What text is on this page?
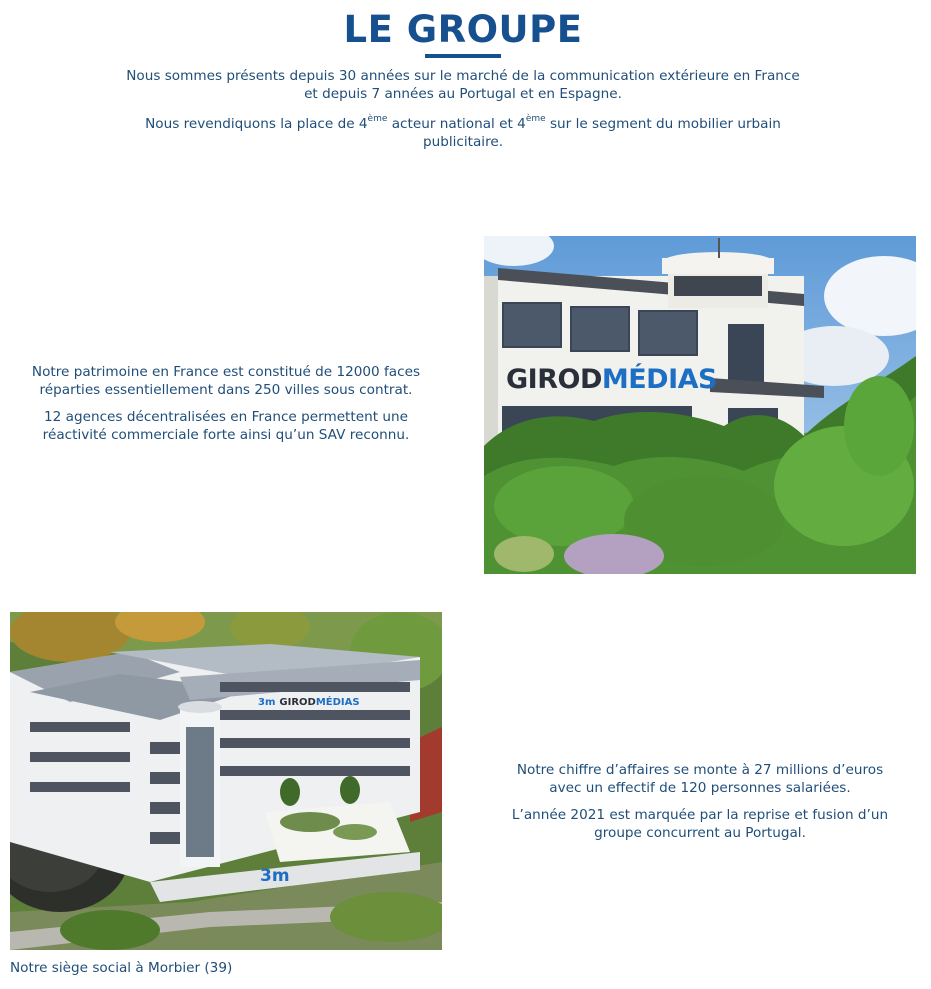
LE GROUPE

Nous sommes présents depuis 30 années sur le marché de la communication extérieure en France
et depuis 7 années au Portugal et en Espagne.

Nous revendiquons la place de 4ème acteur national et 4ème sur le segment du mobilier urbain
publicitaire.

Notre patrimoine en France est constitué de 12000 faces
réparties essentiellement dans 250 villes sous contrat.

12 agences décentralisées en France permettent une
réactivité commerciale forte ainsi qu’un SAV reconnu.

GIRODMÉDIAS
3m GIRODMÉDIAS
3m

Notre siège social à Morbier (39)

Notre chiffre d’affaires se monte à 27 millions d’euros
avec un effectif de 120 personnes salariées.

L’année 2021 est marquée par la reprise et fusion d’un
groupe concurrent au Portugal.
